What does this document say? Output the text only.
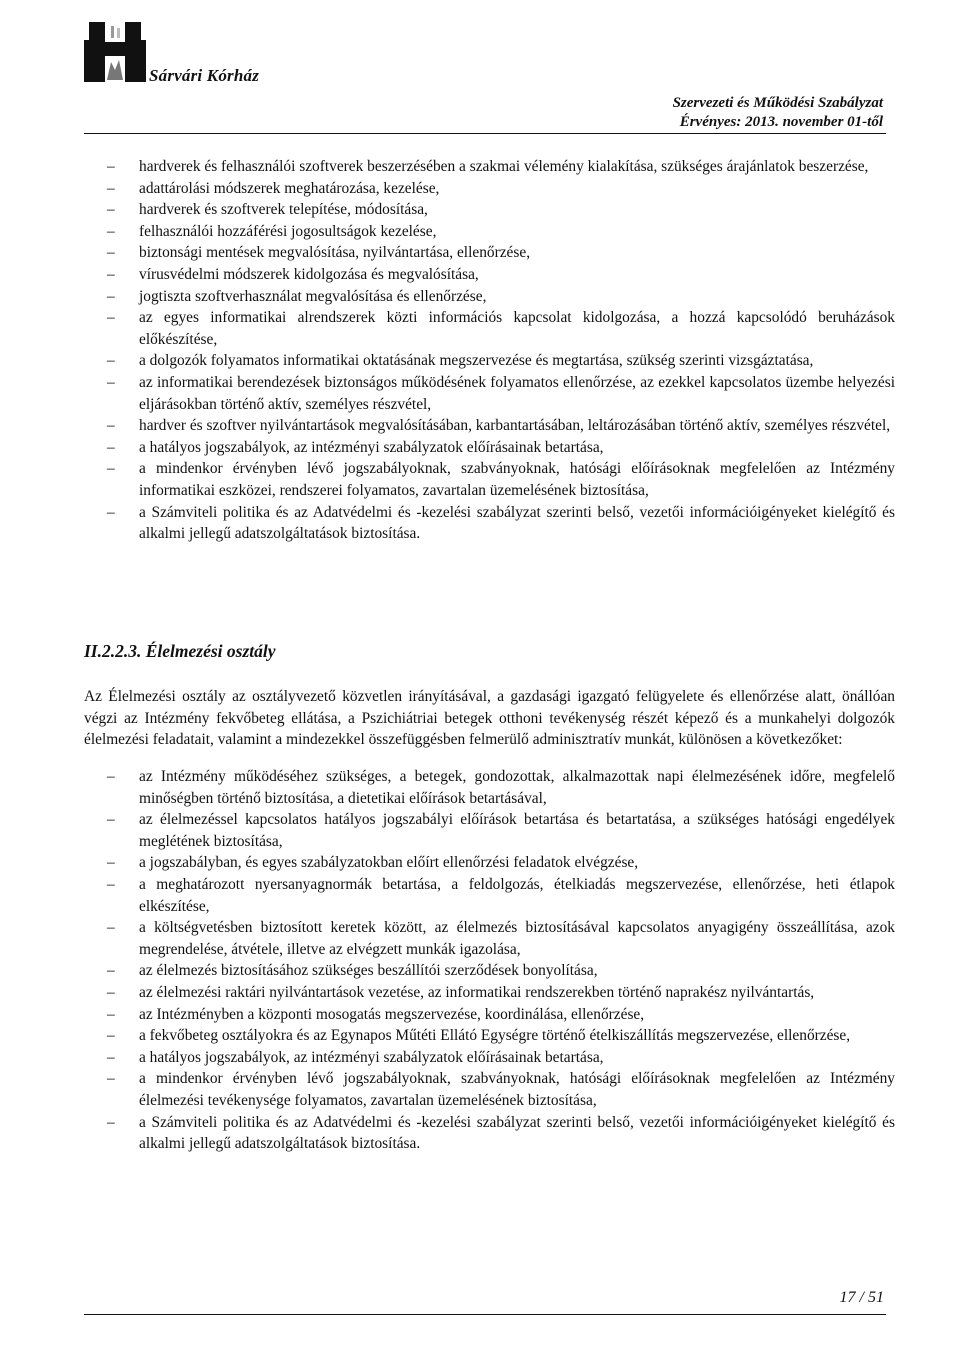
Sárvári Kórház
Szervezeti és Működési Szabályzat
Érvényes: 2013. november 01-től
– hardverek és felhasználói szoftverek beszerzésében a szakmai vélemény kialakítása, szükséges árajánlatok beszerzése,
– adattárolási módszerek meghatározása, kezelése,
– hardverek és szoftverek telepítése, módosítása,
– felhasználói hozzáférési jogosultságok kezelése,
– biztonsági mentések megvalósítása, nyilvántartása, ellenőrzése,
– vírusvédelmi módszerek kidolgozása és megvalósítása,
– jogtiszta szoftverhasználat megvalósítása és ellenőrzése,
– az egyes informatikai alrendszerek közti információs kapcsolat kidolgozása, a hozzá kapcsolódó beruházások előkészítése,
– a dolgozók folyamatos informatikai oktatásának megszervezése és megtartása, szükség szerinti vizsgáztatása,
– az informatikai berendezések biztonságos működésének folyamatos ellenőrzése, az ezekkel kapcsolatos üzembe helyezési eljárásokban történő aktív, személyes részvétel,
– hardver és szoftver nyilvántartások megvalósításában, karbantartásában, leltározásában történő aktív, személyes részvétel,
– a hatályos jogszabályok, az intézményi szabályzatok előírásainak betartása,
– a mindenkor érvényben lévő jogszabályoknak, szabványoknak, hatósági előírásoknak megfelelően az Intézmény informatikai eszközei, rendszerei folyamatos, zavartalan üzemelésének biztosítása,
– a Számviteli politika és az Adatvédelmi és -kezelési szabályzat szerinti belső, vezetői információigényeket kielégítő és alkalmi jellegű adatszolgáltatások biztosítása.
II.2.2.3. Élelmezési osztály

Az Élelmezési osztály az osztályvezető közvetlen irányításával, a gazdasági igazgató felügyelete és ellenőrzése alatt, önállóan végzi az Intézmény fekvőbeteg ellátása, a Pszichiátriai betegek otthoni tevékenység részét képező és a munkahelyi dolgozók élelmezési feladatait, valamint a mindezekkel összefüggésben felmerülő adminisztratív munkát, különösen a következőket:

– az Intézmény működéséhez szükséges, a betegek, gondozottak, alkalmazottak napi élelmezésének időre, megfelelő minőségben történő biztosítása, a dietetikai előírások betartásával,
– az élelmezéssel kapcsolatos hatályos jogszabályi előírások betartása és betartatása, a szükséges hatósági engedélyek meglétének biztosítása,
– a jogszabályban, és egyes szabályzatokban előírt ellenőrzési feladatok elvégzése,
– a meghatározott nyersanyagnormák betartása, a feldolgozás, ételkiadás megszervezése, ellenőrzése, heti étlapok elkészítése,
– a költségvetésben biztosított keretek között, az élelmezés biztosításával kapcsolatos anyagigény összeállítása, azok megrendelése, átvétele, illetve az elvégzett munkák igazolása,
– az élelmezés biztosításához szükséges beszállítói szerződések bonyolítása,
– az élelmezési raktári nyilvántartások vezetése, az informatikai rendszerekben történő naprakész nyilvántartás,
– az Intézményben a központi mosogatás megszervezése, koordinálása, ellenőrzése,
– a fekvőbeteg osztályokra és az Egynapos Műtéti Ellátó Egységre történő ételkiszállítás megszervezése, ellenőrzése,
– a hatályos jogszabályok, az intézményi szabályzatok előírásainak betartása,
– a mindenkor érvényben lévő jogszabályoknak, szabványoknak, hatósági előírásoknak megfelelően az Intézmény élelmezési tevékenysége folyamatos, zavartalan üzemelésének biztosítása,
– a Számviteli politika és az Adatvédelmi és -kezelési szabályzat szerinti belső, vezetői információigényeket kielégítő és alkalmi jellegű adatszolgáltatások biztosítása.
17 / 51
